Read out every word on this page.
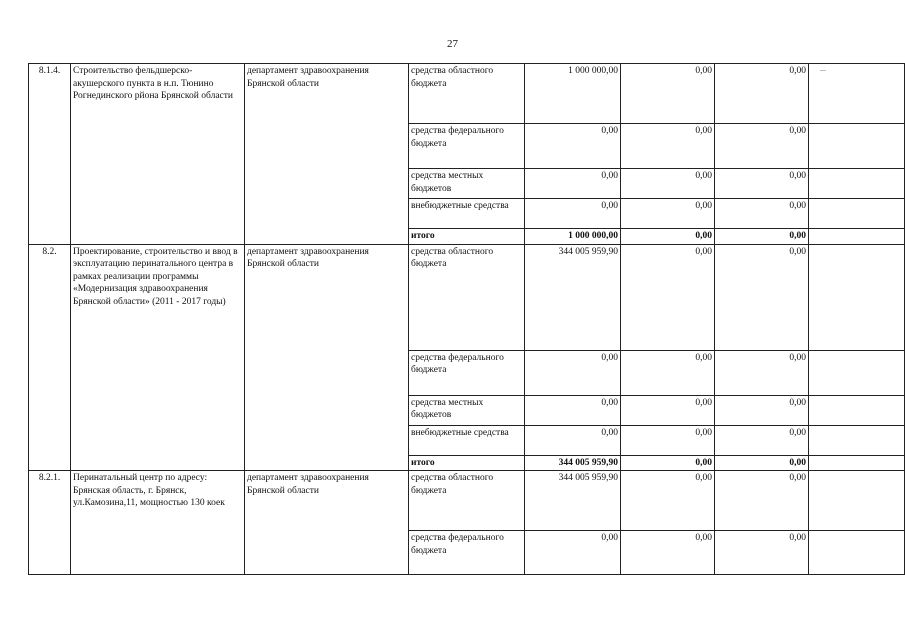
27
8.1.4.	Строительство фельдшерско-акушерского пункта в н.п. Тюнино Рогнединского рйона Брянской области	департамент здравоохранения Брянской области	средства областного бюджета	1 000 000,00	0,00	0,00	
			средства федерального бюджета	0,00	0,00	0,00	
			средства местных бюджетов	0,00	0,00	0,00	
			внебюджетные средства	0,00	0,00	0,00	
			итого	1 000 000,00	0,00	0,00	
8.2.	Проектирование, строительство и ввод в эксплуатацию перинатального центра в рамках реализации программы «Модернизация здравоохранения Брянской области» (2011 - 2017 годы)	департамент здравоохранения Брянской области	средства областного бюджета	344 005 959,90	0,00	0,00	
			средства федерального бюджета	0,00	0,00	0,00	
			средства местных бюджетов	0,00	0,00	0,00	
			внебюджетные средства	0,00	0,00	0,00	
			итого	344 005 959,90	0,00	0,00	
8.2.1.	Перинатальный центр по адресу: Брянская область, г. Брянск, ул.Камозина,11, мощностью 130 коек	департамент здравоохранения Брянской области	средства областного бюджета	344 005 959,90	0,00	0,00	
			средства федерального бюджета	0,00	0,00	0,00	
